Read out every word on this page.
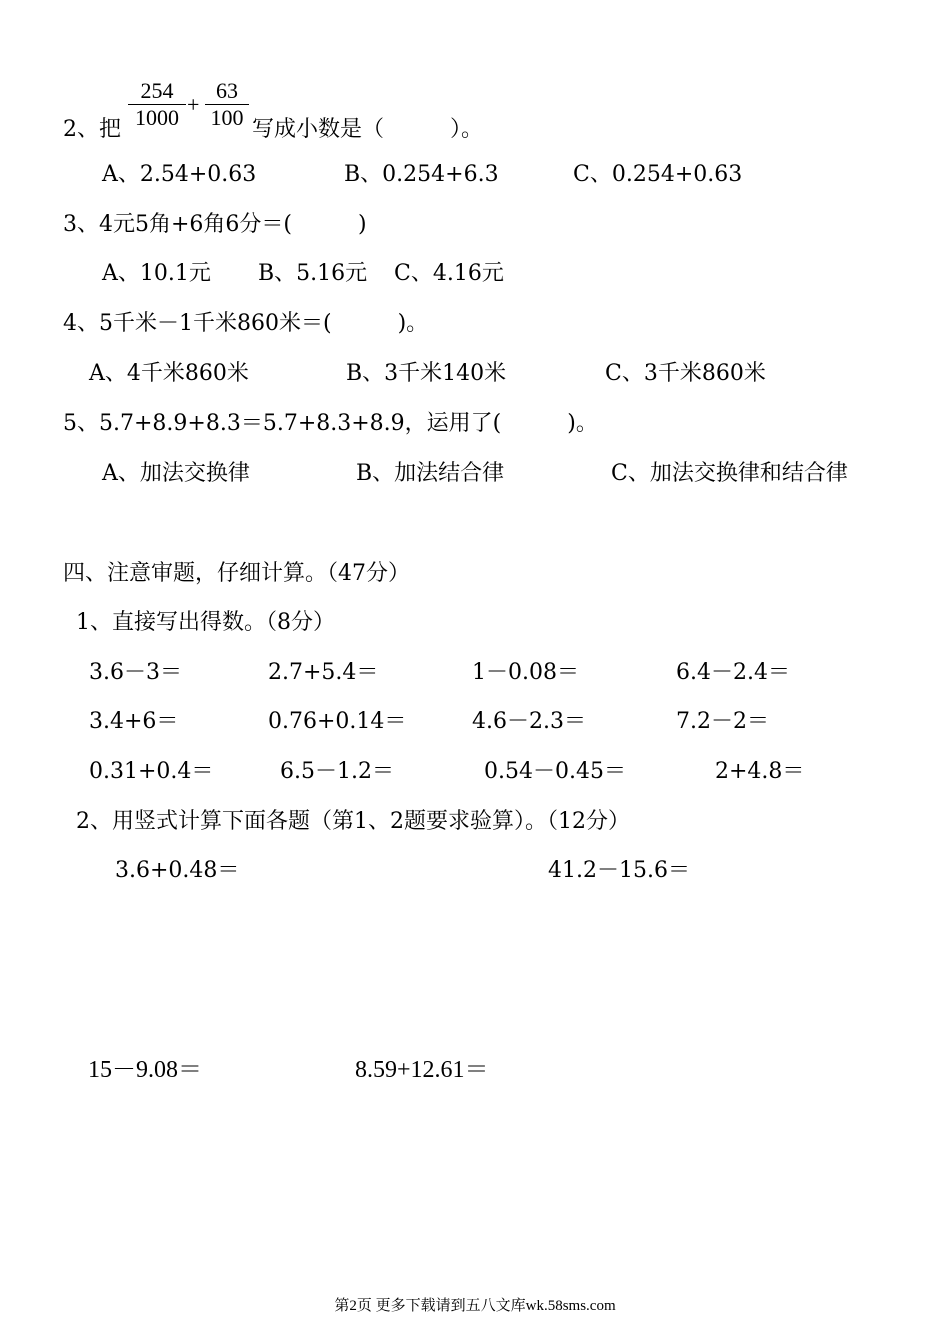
2、把
254
1000
+
63
100 写成小数是（　　　）。
A、2.54+0.63	B、0.254+6.3	C、0.254+0.63
3、4元5角+6角6分＝(　　　)
A、10.1元 B、5.16元 C、4.16元
4、5千米－1千米860米＝(　　　)。
A、4千米860米	B、3千米140米	C、3千米860米
5、5.7+8.9+8.3＝5.7+8.3+8.9，运用了(　　　)。
A、加法交换律	B、加法结合律	C、加法交换律和结合律
四、注意审题，仔细计算。（47分）
1、直接写出得数。（8分）
3.6－3＝	2.7+5.4＝	1－0.08＝	6.4－2.4＝
3.4+6＝	0.76+0.14＝	4.6－2.3＝	7.2－2＝
0.31+0.4＝	6.5－1.2＝	0.54－0.45＝	2+4.8＝
2、用竖式计算下面各题（第1、2题要求验算）。（12分）
3.6+0.48＝	41.2－15.6＝
15－9.08＝	8.59+12.61＝
第2页 更多下载请到五八文库wk.58sms.com
